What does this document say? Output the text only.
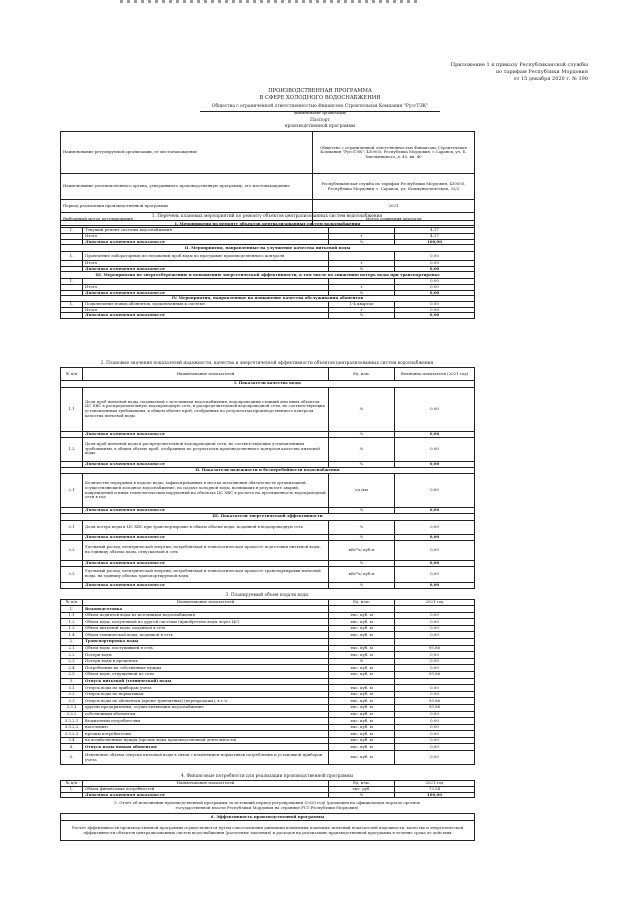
Приложение 1 к приказу Республиканской службы
по тарифам Республики Мордовия
от 15 декабря 2020 г. № 190
ПРОИЗВОДСТВЕННАЯ ПРОГРАММА
В СФЕРЕ ХОЛОДНОГО ВОДОСНАБЖЕНИЯ
Общества с ограниченной ответственностью Финансово Строительная Компания "РуссТЭК"
(наименование организации)
Паспорт
производственной программы
Наименование регулируемой организации, ее местонахождение	Общество с ограниченной ответственностью Финансово Строительная Компания "РуссТЭК", 430005, Республика Мордовия, г.Саранск, ул. Б. Хмельницкого, д. 40, кв. 40
Наименование уполномоченного органа, утвердившего производственную программу, его местонахождение	Республиканская служба по тарифам Республики Мордовия, 430005, Республика Мордовия, г. Саранск, ул. Коммунистическая, 33/2
Период реализации производственной программы	2021
Выбранный метод регулирования	Метод сравнения аналогов
1. Перечень плановых мероприятий по ремонту объектов централизованных систем водоснабжения
I. Мероприятия по ремонту объектов централизованных систем водоснабжения			
1.	Текущий ремонт системы водоснабжения		4,17
	Итого	т	4,17
	Динамика изменения показателя	%	100,00
II. Мероприятия, направленные на улучшение качества питьевой воды			
1.	Проведение лабораторных исследований проб воды по программе производственного контроля		0,00
	Итого	т	0,00
	Динамика изменения показателя	%	0,00
III. Мероприятия по энергосбережению и повышению энергетической эффективности, в том числе по снижению потерь воды при транспортировке			
1.			0,00
	Итого	т	0,00
	Динамика изменения показателя	%	0,00
IV. Мероприятия, направленные на повышение качества обслуживания абонентов			
1.	Подключение новых абонентов, подключенных к системе	1-4 квартал	0,00
	Итого	т	0,00
	Динамика изменения показателя	%	0,00
2. Плановые значения показателей надежности, качества и энергетической эффективности объектов централизованных систем водоснабжения
№ п/п	Наименование показателей	Ед. изм.	Величина показателя (2021 год)
I. Показатели качества воды			
1.1	Доля проб питьевой воды, подаваемой с источников водоснабжения, водопроводных станций или иных объектов ЦС ХВС в распределительную водопроводную сеть, в распределительной водопроводной сети, не соответствующих установленным требованиям, в общем объеме проб, отобранных по результатам производственного контроля качества питьевой воды	%	0,00
	Динамика изменения показателя	%	0,00
1.2	Доля проб питьевой воды в распределительной водопроводной сети, не соответствующих установленным требованиям, в общем объеме проб, отобранных по результатам производственного контроля качества питьевой воды	%	0,00
	Динамика изменения показателя	%	0,00
II. Показатели надежности и бесперебойности водоснабжения			
2.1	Количество перерывов в подаче воды, зафиксированных в местах исполнения обязательств организацией, осуществляющей холодное водоснабжение, по подаче холодной воды, возникших в результате аварий, повреждений и иных технологических нарушений на объектах ЦС ХВС в расчете на протяженность водопроводной сети в год	ед./км	0,00
	Динамика изменения показателя	%	0,00
III. Показатели энергетической эффективности			
3.1	Доля потерь воды в ЦС ХВС при транспортировке в общем объеме воды, поданной в водопроводную сеть	%	0,00
	Динамика изменения показателя	%	0,00
3.2	Удельный расход электрической энергии, потребляемой в технологическом процессе подготовки питьевой воды, на единицу объема воды, отпускаемой в сеть	кВт*ч/ куб.м	0,00
	Динамика изменения показателя	%	0,00
3.3	Удельный расход электрической энергии, потребляемой в технологическом процессе транспортировки питьевой воды, на единицу объема транспортируемой воды	кВт*ч/ куб.м	0,00
	Динамика изменения показателя	%	0,00
3. Планируемый объем подачи воды
№ п/п	Наименование показателей	Ед. изм.	2021 год
1.	Водоподготовка		
1.1	Объем поднятой воды из источников водоснабжения	тыс. куб. м	0,00
1.2	Объем воды, полученной из другой системы (приобретено воды через ЦС)	тыс. куб. м	0,00
1.3	Объем питьевой воды, поданной в сеть	тыс. куб. м	0,00
1.4	Объем технической воды, поданной в сеть	тыс. куб. м	0,00
2.	Транспортировка воды		
2.1	Объем воды, поступившей в сеть	тыс. куб. м	95,86
2.2	Потери воды	тыс. куб. м	0,00
2.3	Потери воды в процентах	%	0,00
2.4	Потребление на собственные нужды	тыс. куб. м	0,00
2.5	Объем воды, отпущенной из сети	тыс. куб. м	95,86
3.	Отпуск питьевой (технической) воды		
3.1	Отпуск воды по приборам учета	тыс. куб. м	0,00
3.2	Отпуск воды по нормативам	тыс. куб. м	0,00
3.3	Отпуск воды по абонентам (кроме транзитных) (перепродажа), в т.ч.	тыс. куб. м	95,86
3.3.1	другим предприятиям, осуществляющим водоснабжение	тыс. куб. м	95,86
3.3.2	собственным абонентам	тыс. куб. м	0,00
3.3.2.1	бюджетным потребителям	тыс. куб. м	0,00
3.3.2.2	населению	тыс. куб. м	0,00
3.3.2.3	прочим потребителям	тыс. куб. м	0,00
3.4	на хозяйственные нужды (прочие воды производственной деятельности)	тыс. куб. м	0,00
4.	Отпуск воды новым абонентам	тыс. куб. м	0,00
5.	Изменение объема отпуска питьевой воды в связи с изменением нормативов потребления и установкой приборов учета	тыс. куб. м	0,00
4. Финансовые потребности для реализации производственной программы
№ п/п	Наименование показателей	Ед. изм.	2021 год
1.	Объем финансовых потребностей	тыс. руб.	73,54
	Динамика изменения показателя	%	100,00
5. Отчет об исполнении производственной программы за истекший период регулирования (2020 год) (размещен на официальном портале органов
государственной власти Республики Мордовия на странице РСТ Республики Мордовия)
6. Эффективность производственной программы
Расчет эффективности производственной программы осуществляется путем сопоставления динамики изменения плановых значений показателей надежности, качества и энергетической эффективности объектов централизованных систем водоснабжения (расчетные значения) и расходов на реализацию производственной программы в течение срока ее действия
